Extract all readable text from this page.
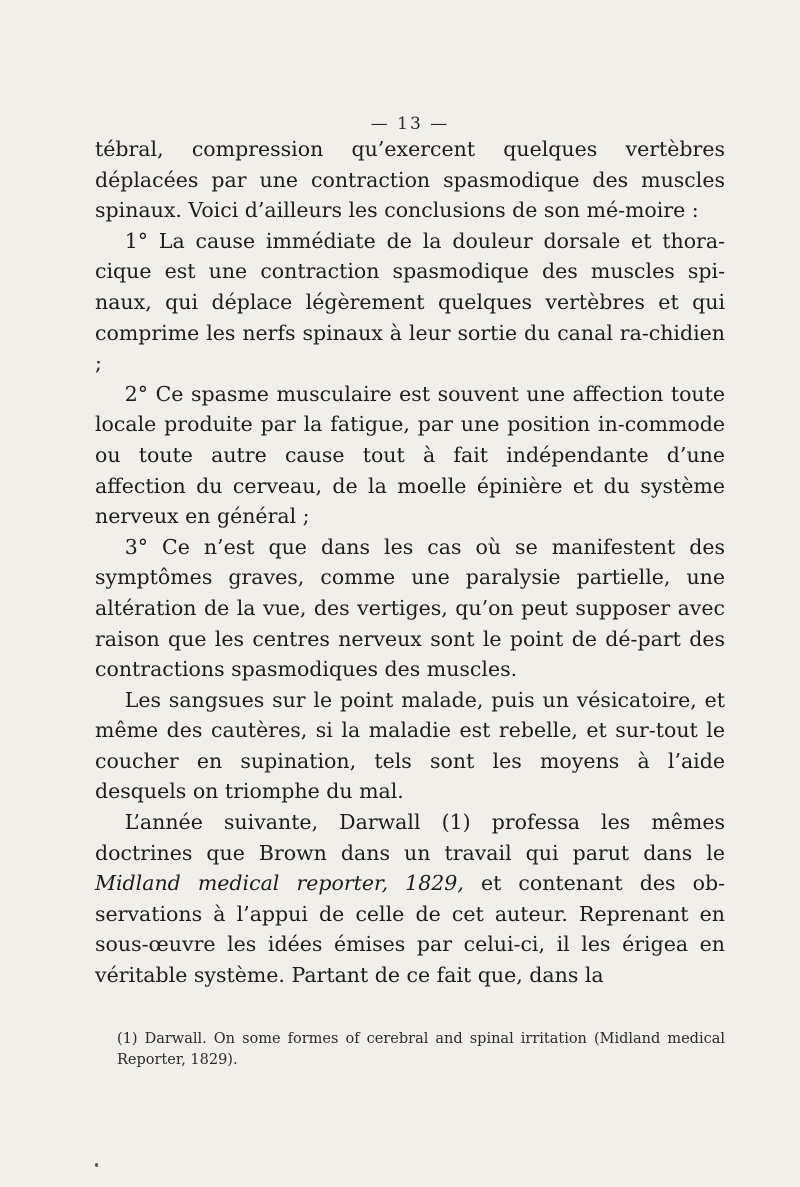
— 13 —

tébral, compression qu’exercent quelques vertèbres déplacées par une contraction spasmodique des muscles spinaux. Voici d’ailleurs les conclusions de son mé-moire :

1° La cause immédiate de la douleur dorsale et thora-cique est une contraction spasmodique des muscles spi-naux, qui déplace légèrement quelques vertèbres et qui comprime les nerfs spinaux à leur sortie du canal ra-chidien ;

2° Ce spasme musculaire est souvent une affection toute locale produite par la fatigue, par une position in-commode ou toute autre cause tout à fait indépendante d’une affection du cerveau, de la moelle épinière et du système nerveux en général ;

3° Ce n’est que dans les cas où se manifestent des symptômes graves, comme une paralysie partielle, une altération de la vue, des vertiges, qu’on peut supposer avec raison que les centres nerveux sont le point de dé-part des contractions spasmodiques des muscles.

Les sangsues sur le point malade, puis un vésicatoire, et même des cautères, si la maladie est rebelle, et sur-tout le coucher en supination, tels sont les moyens à l’aide desquels on triomphe du mal.

L’année suivante, Darwall (1) professa les mêmes doctrines que Brown dans un travail qui parut dans le Midland medical reporter, 1829, et contenant des ob-servations à l’appui de celle de cet auteur. Reprenant en sous-œuvre les idées émises par celui-ci, il les érigea en véritable système. Partant de ce fait que, dans la

(1) Darwall. On some formes of cerebral and spinal irritation (Midland medical Reporter, 1829).
